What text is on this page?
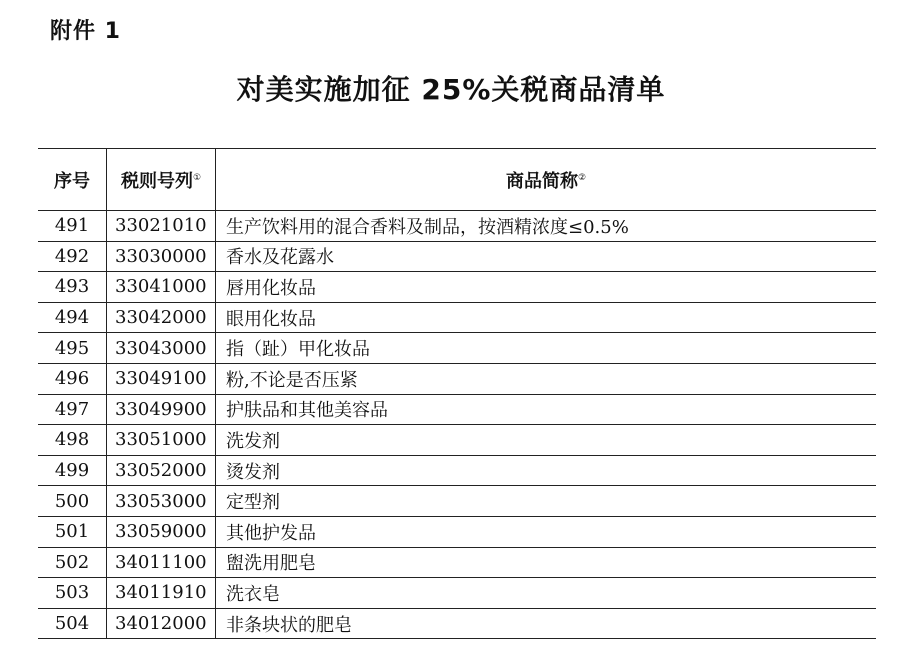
附件 1
对美实施加征 25%关税商品清单
序号	税则号列①	商品简称②
491	33021010	生产饮料用的混合香料及制品，按酒精浓度≤0.5%
492	33030000	香水及花露水
493	33041000	唇用化妆品
494	33042000	眼用化妆品
495	33043000	指（趾）甲化妆品
496	33049100	粉,不论是否压紧
497	33049900	护肤品和其他美容品
498	33051000	洗发剂
499	33052000	烫发剂
500	33053000	定型剂
501	33059000	其他护发品
502	34011100	盥洗用肥皂
503	34011910	洗衣皂
504	34012000	非条块状的肥皂
